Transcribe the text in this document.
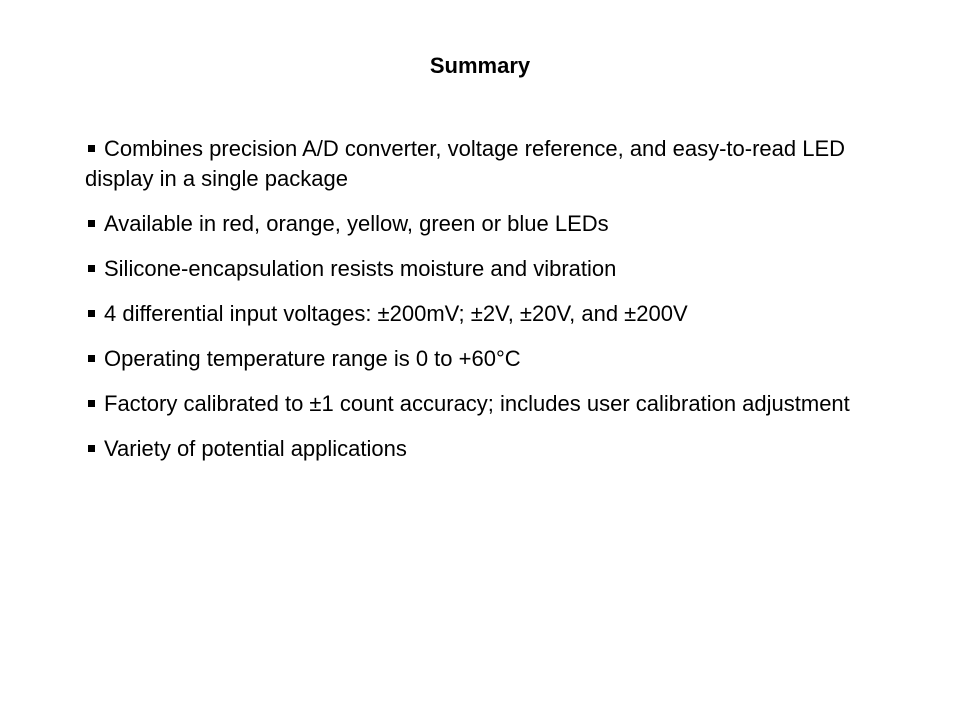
Summary
Combines precision A/D converter, voltage reference, and easy-to-read LED display in a single package
Available in red, orange, yellow, green or blue LEDs
Silicone-encapsulation resists moisture and vibration
4 differential input voltages: ±200mV; ±2V, ±20V, and ±200V
Operating temperature range is 0 to +60°C
Factory calibrated to ±1 count accuracy; includes user calibration adjustment
Variety of potential applications
